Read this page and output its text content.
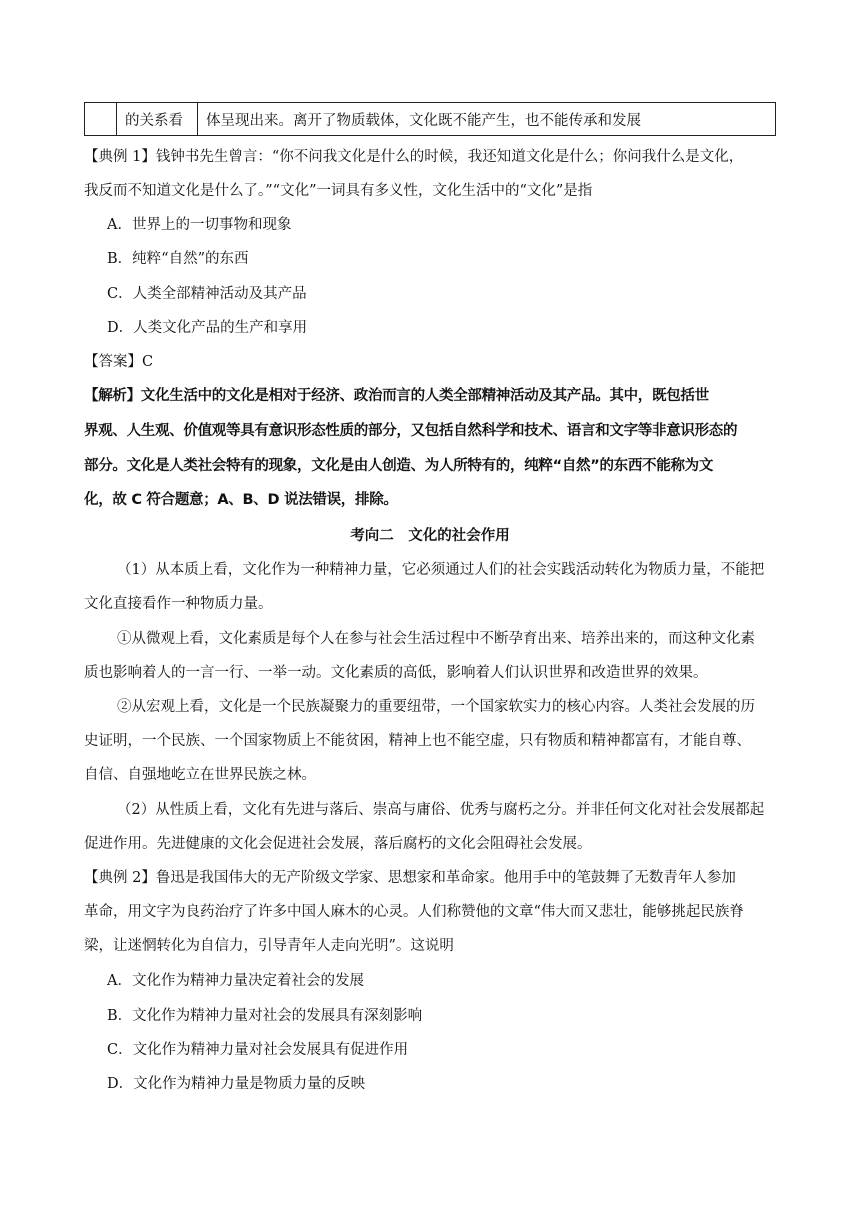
的关系看	体呈现出来。离开了物质载体，文化既不能产生，也不能传承和发展
【典例 1】钱钟书先生曾言：“你不问我文化是什么的时候，我还知道文化是什么；你问我什么是文化，
我反而不知道文化是什么了。”“文化”一词具有多义性，文化生活中的“文化”是指
A．世界上的一切事物和现象
B．纯粹“自然”的东西
C．人类全部精神活动及其产品
D．人类文化产品的生产和享用
【答案】C
【解析】文化生活中的文化是相对于经济、政治而言的人类全部精神活动及其产品。其中，既包括世
界观、人生观、价值观等具有意识形态性质的部分，又包括自然科学和技术、语言和文字等非意识形态的
部分。文化是人类社会特有的现象，文化是由人创造、为人所特有的，纯粹“自然”的东西不能称为文
化，故 C 符合题意；A、B、D 说法错误，排除。
考向二　文化的社会作用
（1）从本质上看，文化作为一种精神力量，它必须通过人们的社会实践活动转化为物质力量，不能把
文化直接看作一种物质力量。
①从微观上看，文化素质是每个人在参与社会生活过程中不断孕育出来、培养出来的，而这种文化素
质也影响着人的一言一行、一举一动。文化素质的高低，影响着人们认识世界和改造世界的效果。
②从宏观上看，文化是一个民族凝聚力的重要纽带，一个国家软实力的核心内容。人类社会发展的历
史证明，一个民族、一个国家物质上不能贫困，精神上也不能空虚，只有物质和精神都富有，才能自尊、
自信、自强地屹立在世界民族之林。
（2）从性质上看，文化有先进与落后、崇高与庸俗、优秀与腐朽之分。并非任何文化对社会发展都起
促进作用。先进健康的文化会促进社会发展，落后腐朽的文化会阻碍社会发展。
【典例 2】鲁迅是我国伟大的无产阶级文学家、思想家和革命家。他用手中的笔鼓舞了无数青年人参加
革命，用文字为良药治疗了许多中国人麻木的心灵。人们称赞他的文章“伟大而又悲壮，能够挑起民族脊
梁，让迷惘转化为自信力，引导青年人走向光明”。这说明
A．文化作为精神力量决定着社会的发展
B．文化作为精神力量对社会的发展具有深刻影响
C．文化作为精神力量对社会发展具有促进作用
D．文化作为精神力量是物质力量的反映
